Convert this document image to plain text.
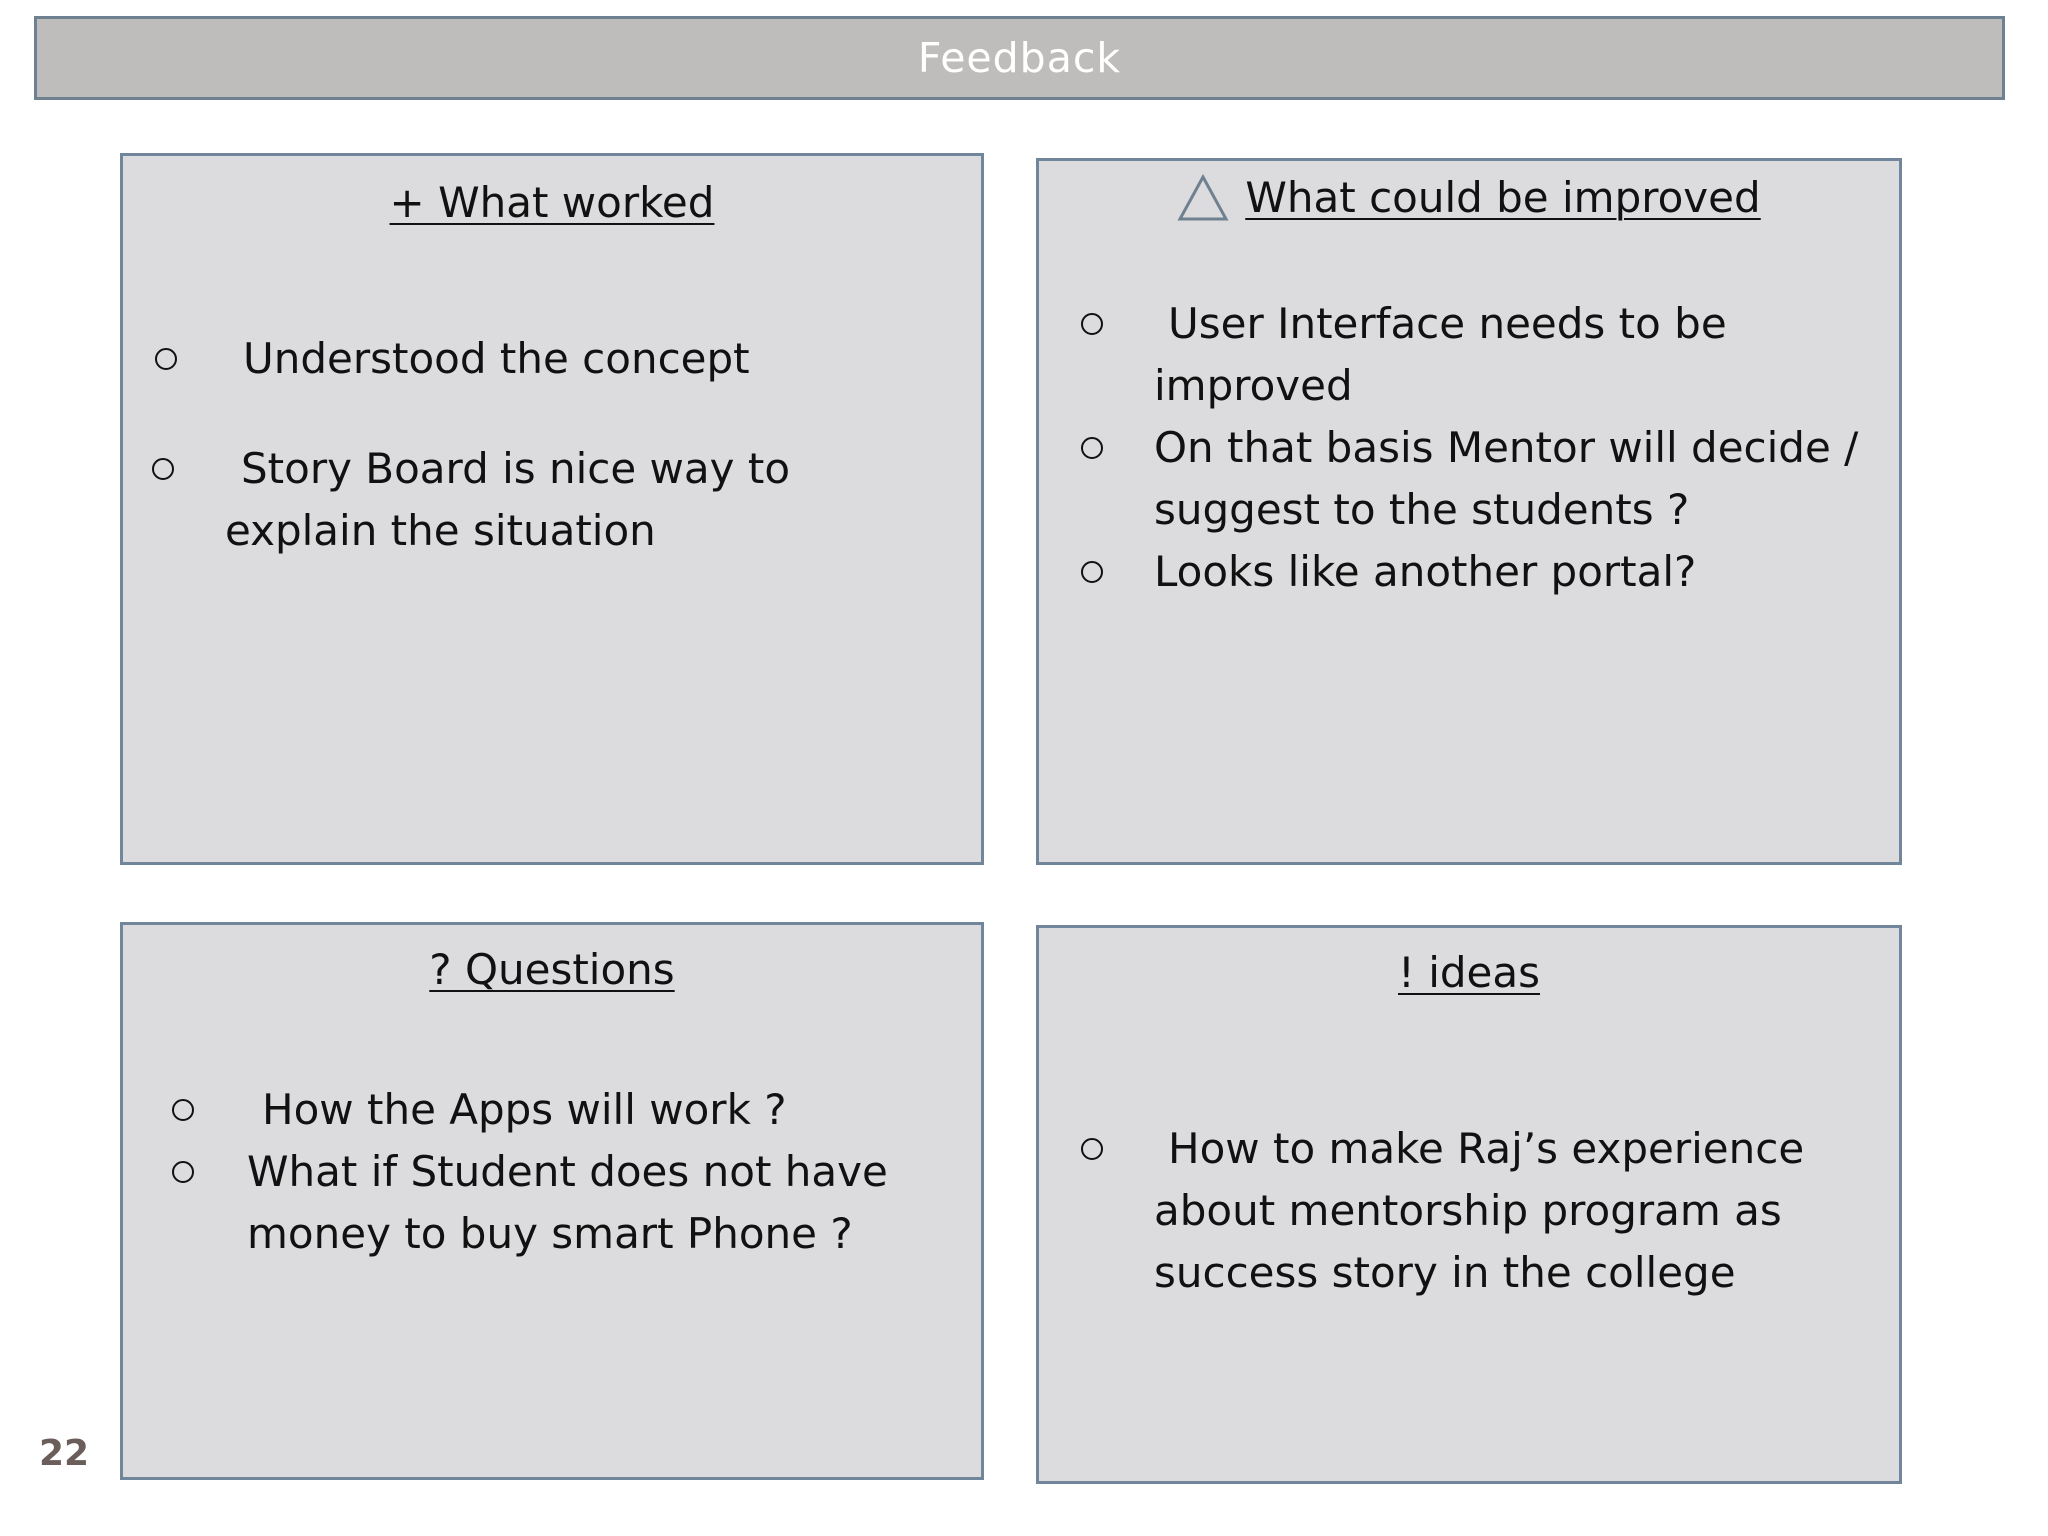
Feedback
+ What worked
Understood the concept
Story Board is nice way to explain the situation
What could be improved
User Interface needs to be improved
On that basis Mentor will decide / suggest to the students ?
Looks like another portal?
? Questions
How the Apps will work ?
What if Student does not have money to buy smart Phone ?
! ideas
How to make Raj’s experience about mentorship program as success story in the college
22
